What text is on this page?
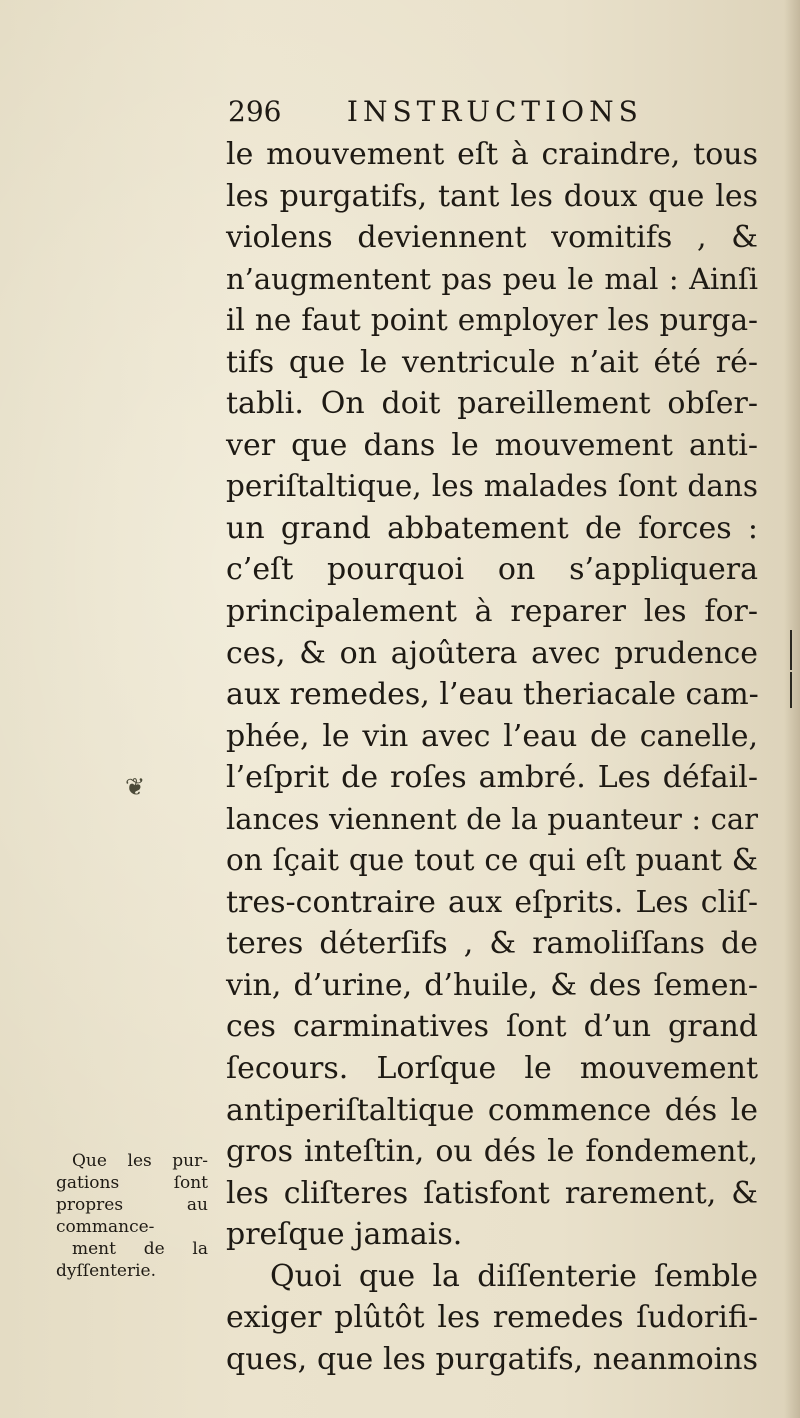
296 INSTRUCTIONS
❦
le mouvement eſt à craindre, tous
les purgatifs, tant les doux que les
violens deviennent vomitifs , &
n’augmentent pas peu le mal : Ainſi
il ne faut point employer les purga-
tifs que le ventricule n’ait été ré-
tabli. On doit pareillement obſer-
ver que dans le mouvement anti-
periſtaltique, les malades ſont dans
un grand abbatement de forces :
c’eſt pourquoi on s’appliquera
principalement à reparer les for-
ces, & on ajoûtera avec prudence
aux remedes, l’eau theriacale cam-
phée, le vin avec l’eau de canelle,
l’eſprit de roſes ambré. Les défail-
lances viennent de la puanteur : car
on ſçait que tout ce qui eſt puant &
tres-contraire aux eſprits. Les cliſ-
teres déterſifs , & ramoliſſans de
vin, d’urine, d’huile, & des ſemen-
ces carminatives ſont d’un grand
ſecours. Lorſque le mouvement
antiperiſtaltique commence dés le
gros inteſtin, ou dés le fondement,
les cliſteres ſatisfont rarement, &
preſque jamais.
Quoi que la diſſenterie ſemble
exiger plûtôt les remedes ſudorifi-
ques, que les purgatifs, neanmoins
Que les pur-
gations ſont
propres au
commance-
ment de la
dyſſenterie.
